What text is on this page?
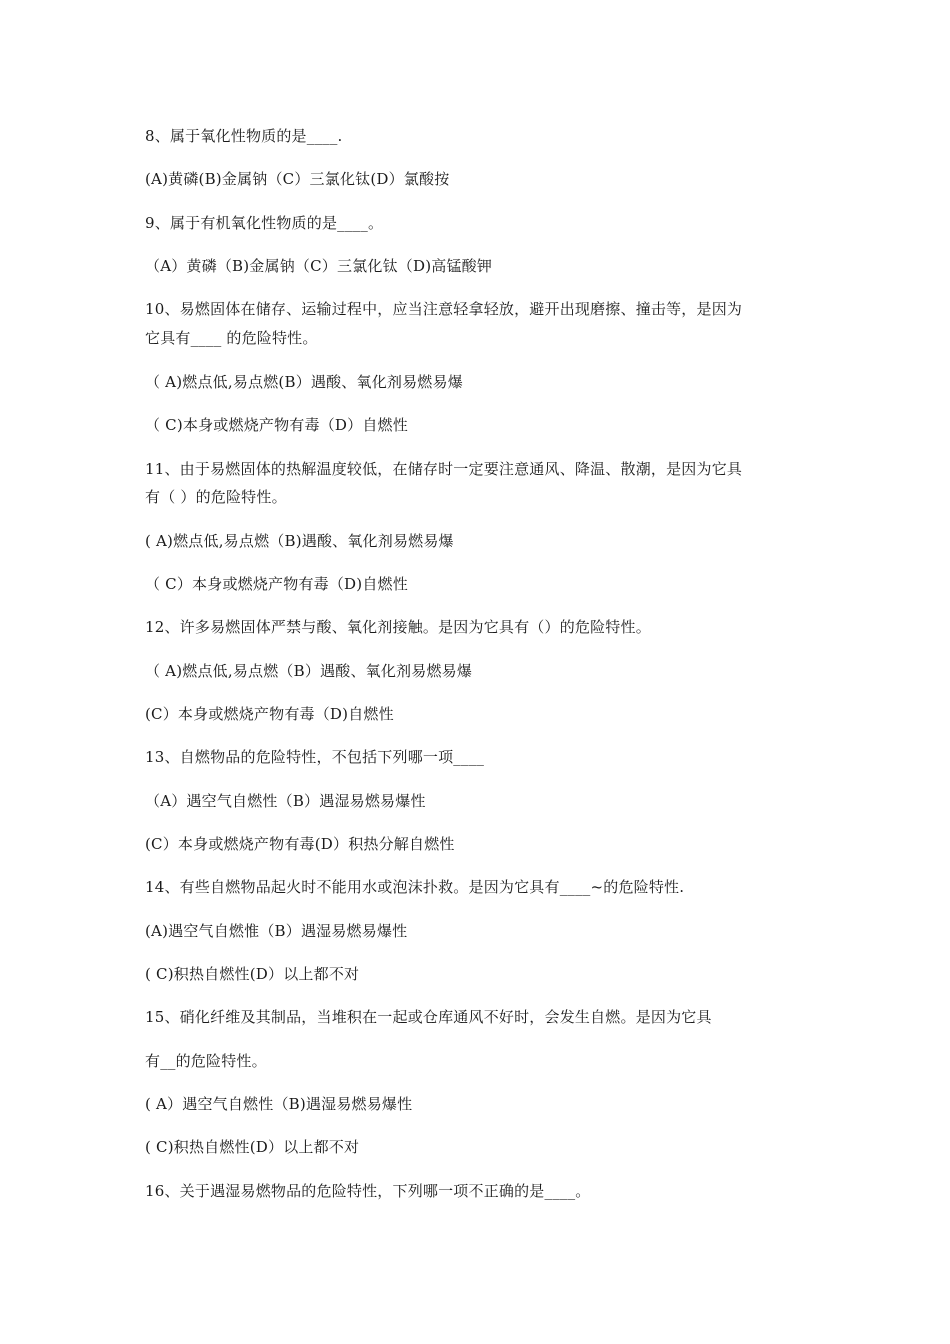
8、属于氧化性物质的是____.
(A)黄磷(B)金属钠（C）三氯化钛(D）氯酸按
9、属于有机氧化性物质的是____。
（A）黄磷（B)金属钠（C）三氯化钛（D)高锰酸钾
10、易燃固体在储存、运输过程中，应当注意轻拿轻放，避开出现磨擦、撞击等，是因为
它具有____ 的危险特性。
（ A)燃点低,易点燃(B）遇酸、氧化剂易燃易爆
（ C)本身或燃烧产物有毒（D）自燃性
11、由于易燃固体的热解温度较低，在储存时一定要注意通风、降温、散潮，是因为它具
有（ ）的危险特性。
( A)燃点低,易点燃（B)遇酸、氧化剂易燃易爆
（ C）本身或燃烧产物有毒（D)自燃性
12、许多易燃固体严禁与酸、氧化剂接触。是因为它具有（）的危险特性。
（ A)燃点低,易点燃（B）遇酸、氧化剂易燃易爆
(C）本身或燃烧产物有毒（D)自燃性
13、自燃物品的危险特性，不包括下列哪一项____
（A）遇空气自燃性（B）遇湿易燃易爆性
(C）本身或燃烧产物有毒(D）积热分解自燃性
14、有些自燃物品起火时不能用水或泡沫扑救。是因为它具有____~的危险特性.
(A)遇空气自燃惟（B）遇湿易燃易爆性
( C)积热自燃性(D）以上都不对
15、硝化纤维及其制品，当堆积在一起或仓库通风不好时，会发生自燃。是因为它具
有__的危险特性。
( A）遇空气自燃性（B)遇湿易燃易爆性
( C)积热自燃性(D）以上都不对
16、关于遇湿易燃物品的危险特性，下列哪一项不正确的是____。
